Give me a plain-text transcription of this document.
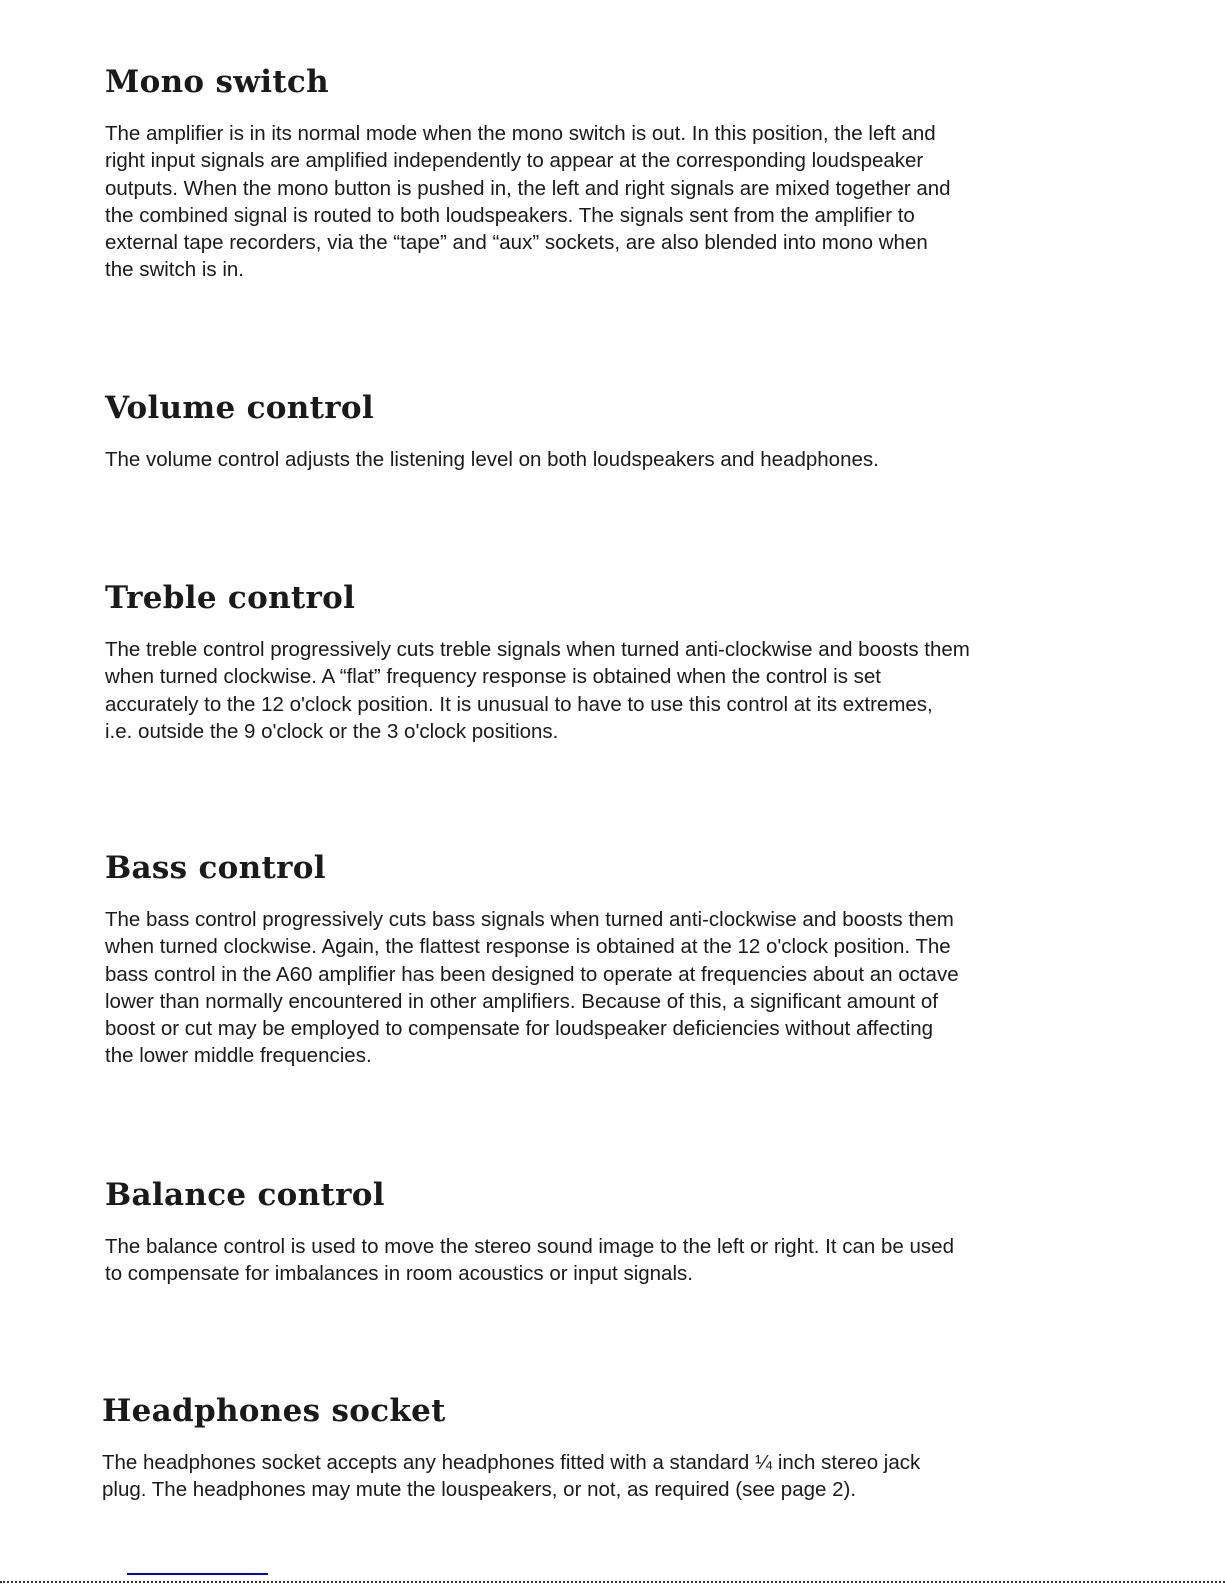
Mono switch
The amplifier is in its normal mode when the mono switch is out. In this position, the left and
right input signals are amplified independently to appear at the corresponding loudspeaker
outputs. When the mono button is pushed in, the left and right signals are mixed together and
the combined signal is routed to both loudspeakers. The signals sent from the amplifier to
external tape recorders, via the “tape” and “aux” sockets, are also blended into mono when
the switch is in.
Volume control
The volume control adjusts the listening level on both loudspeakers and headphones.
Treble control
The treble control progressively cuts treble signals when turned anti-clockwise and boosts them
when turned clockwise. A “flat” frequency response is obtained when the control is set
accurately to the 12 o'clock position. It is unusual to have to use this control at its extremes,
i.e. outside the 9 o'clock or the 3 o'clock positions.
Bass control
The bass control progressively cuts bass signals when turned anti-clockwise and boosts them
when turned clockwise. Again, the flattest response is obtained at the 12 o'clock position. The
bass control in the A60 amplifier has been designed to operate at frequencies about an octave
lower than normally encountered in other amplifiers. Because of this, a significant amount of
boost or cut may be employed to compensate for loudspeaker deficiencies without affecting
the lower middle frequencies.
Balance control
The balance control is used to move the stereo sound image to the left or right. It can be used
to compensate for imbalances in room acoustics or input signals.
Headphones socket
The headphones socket accepts any headphones fitted with a standard ¼ inch stereo jack
plug. The headphones may mute the louspeakers, or not, as required (see page 2).
